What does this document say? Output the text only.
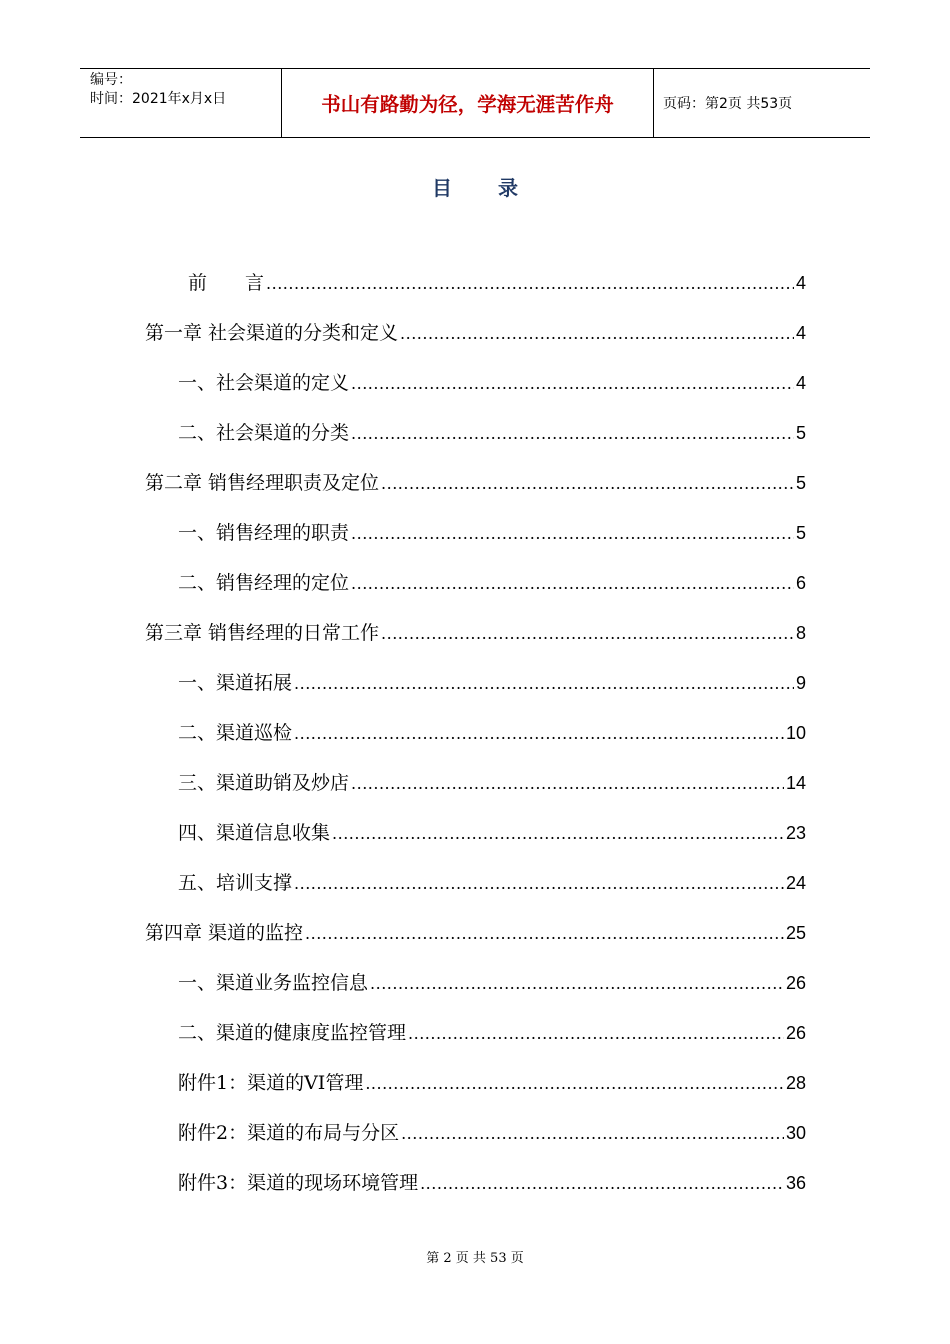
编号：
时间：2021年x月x日	书山有路勤为径，学海无涯苦作舟	页码：第2页 共53页
目 录
前　　言 .....	4
第一章 社会渠道的分类和定义 .....	4
一、社会渠道的定义 .....	4
二、社会渠道的分类 .....	5
第二章 销售经理职责及定位 .....	5
一、销售经理的职责 .....	5
二、销售经理的定位 .....	6
第三章 销售经理的日常工作 .....	8
一、渠道拓展 .....	9
二、渠道巡检 .....	10
三、渠道助销及炒店 .....	14
四、渠道信息收集 .....	23
五、培训支撑 .....	24
第四章 渠道的监控 .....	25
一、渠道业务监控信息 .....	26
二、渠道的健康度监控管理 .....	26
附件1：渠道的VI管理 .....	28
附件2：渠道的布局与分区 .....	30
附件3：渠道的现场环境管理 .....	36
第 2 页 共 53 页
